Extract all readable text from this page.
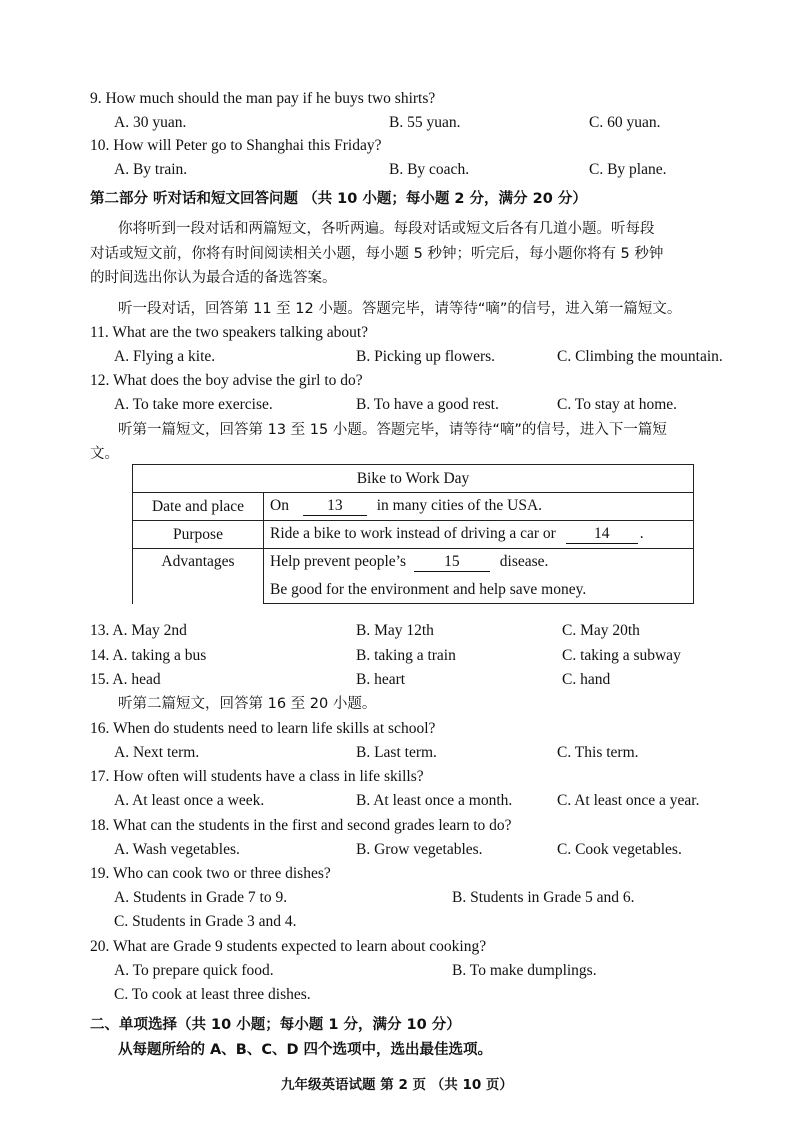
9. How much should the man pay if he buys two shirts?
A. 30 yuan.	B. 55 yuan.	C. 60 yuan.
10. How will Peter go to Shanghai this Friday?
A. By train.	B. By coach.	C. By plane.
第二部分 听对话和短文回答问题 （共 10 小题；每小题 2 分，满分 20 分）
你将听到一段对话和两篇短文，各听两遍。每段对话或短文后各有几道小题。听每段
对话或短文前，你将有时间阅读相关小题，每小题 5 秒钟；听完后，每小题你将有 5 秒钟
的时间选出你认为最合适的备选答案。
听一段对话，回答第 11 至 12 小题。答题完毕，请等待“嘀”的信号，进入第一篇短文。
11. What are the two speakers talking about?
A. Flying a kite.	B. Picking up flowers.	C. Climbing the mountain.
12. What does the boy advise the girl to do?
A. To take more exercise.	B. To have a good rest.	C. To stay at home.
听第一篇短文，回答第 13 至 15 小题。答题完毕，请等待“嘀”的信号，进入下一篇短
文。
Bike to Work Day	
Date and place	On 13 in many cities of the USA.
Purpose	Ride a bike to work instead of driving a car or 14 .
Advantages	Help prevent people’s 15 disease.
	Be good for the environment and help save money.
13. A. May 2nd	B. May 12th	C. May 20th
14. A. taking a bus	B. taking a train	C. taking a subway
15. A. head	B. heart	C. hand
听第二篇短文，回答第 16 至 20 小题。
16. When do students need to learn life skills at school?
A. Next term.	B. Last term.	C. This term.
17. How often will students have a class in life skills?
A. At least once a week.	B. At least once a month.	C. At least once a year.
18. What can the students in the first and second grades learn to do?
A. Wash vegetables.	B. Grow vegetables.	C. Cook vegetables.
19. Who can cook two or three dishes?
A. Students in Grade 7 to 9.	B. Students in Grade 5 and 6.
C. Students in Grade 3 and 4.
20. What are Grade 9 students expected to learn about cooking?
A. To prepare quick food.	B. To make dumplings.
C. To cook at least three dishes.
二、单项选择（共 10 小题；每小题 1 分，满分 10 分）
从每题所给的 A、B、C、D 四个选项中，选出最佳选项。
九年级英语试题 第 2 页 （共 10 页）
